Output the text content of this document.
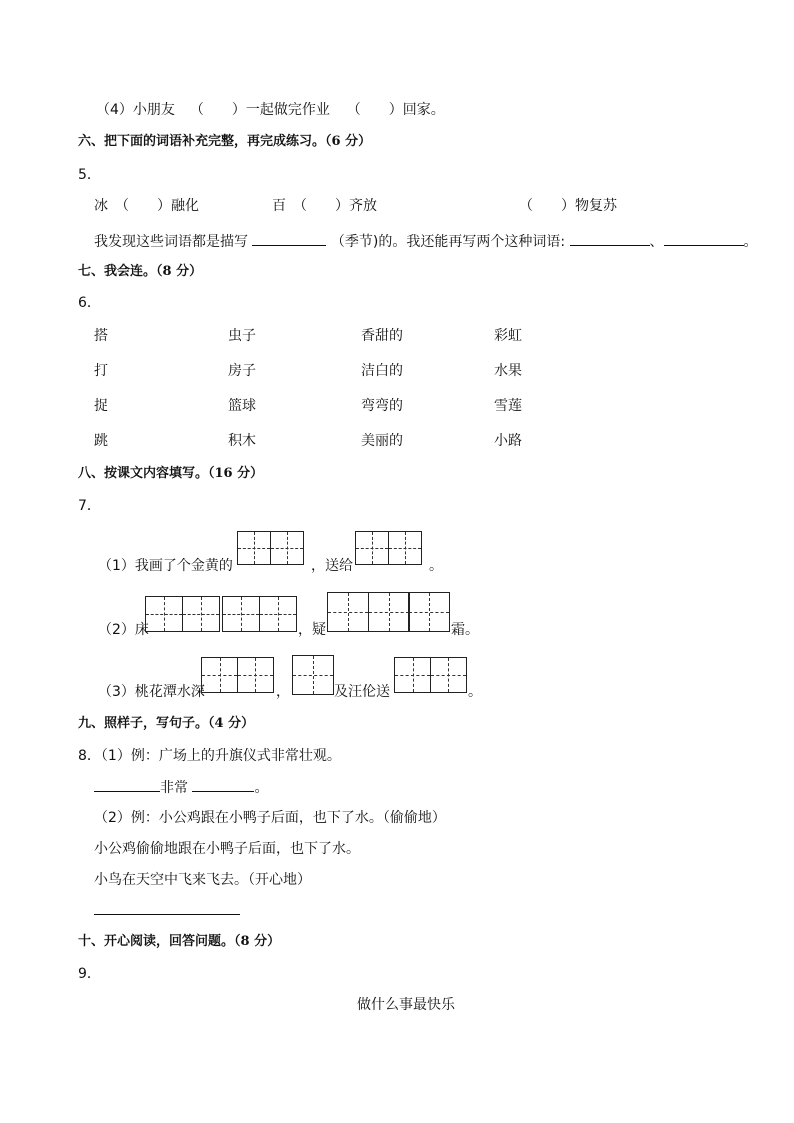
（4）小朋友 （　　）一起做完作业 （　　）回家。
六、把下面的词语补充完整，再完成练习。（6 分）
5．
冰　（　　）融化	百　（　　）齐放	（　　）物复苏
我发现这些词语都是描写	（季节)的。我还能再写两个这种词语:	、	。
七、我会连。（8 分）
6．
搭	虫子	香甜的	彩虹
打	房子	洁白的	水果
捉	篮球	弯弯的	雪莲
跳	积木	美丽的	小路
八、按课文内容填写。（16 分）
7．
（1）我画了个金黄的	，送给	。
（2）床	，疑	霜。
（3）桃花潭水深	，	及汪伦送	。
九、照样子，写句子。（4 分）
8．（1）例：广场上的升旗仪式非常壮观。
非常	。
（2）例：小公鸡跟在小鸭子后面，也下了水。（偷偷地）
小公鸡偷偷地跟在小鸭子后面，也下了水。
小鸟在天空中飞来飞去。（开心地）
十、开心阅读，回答问题。（8 分）
9．
做什么事最快乐
